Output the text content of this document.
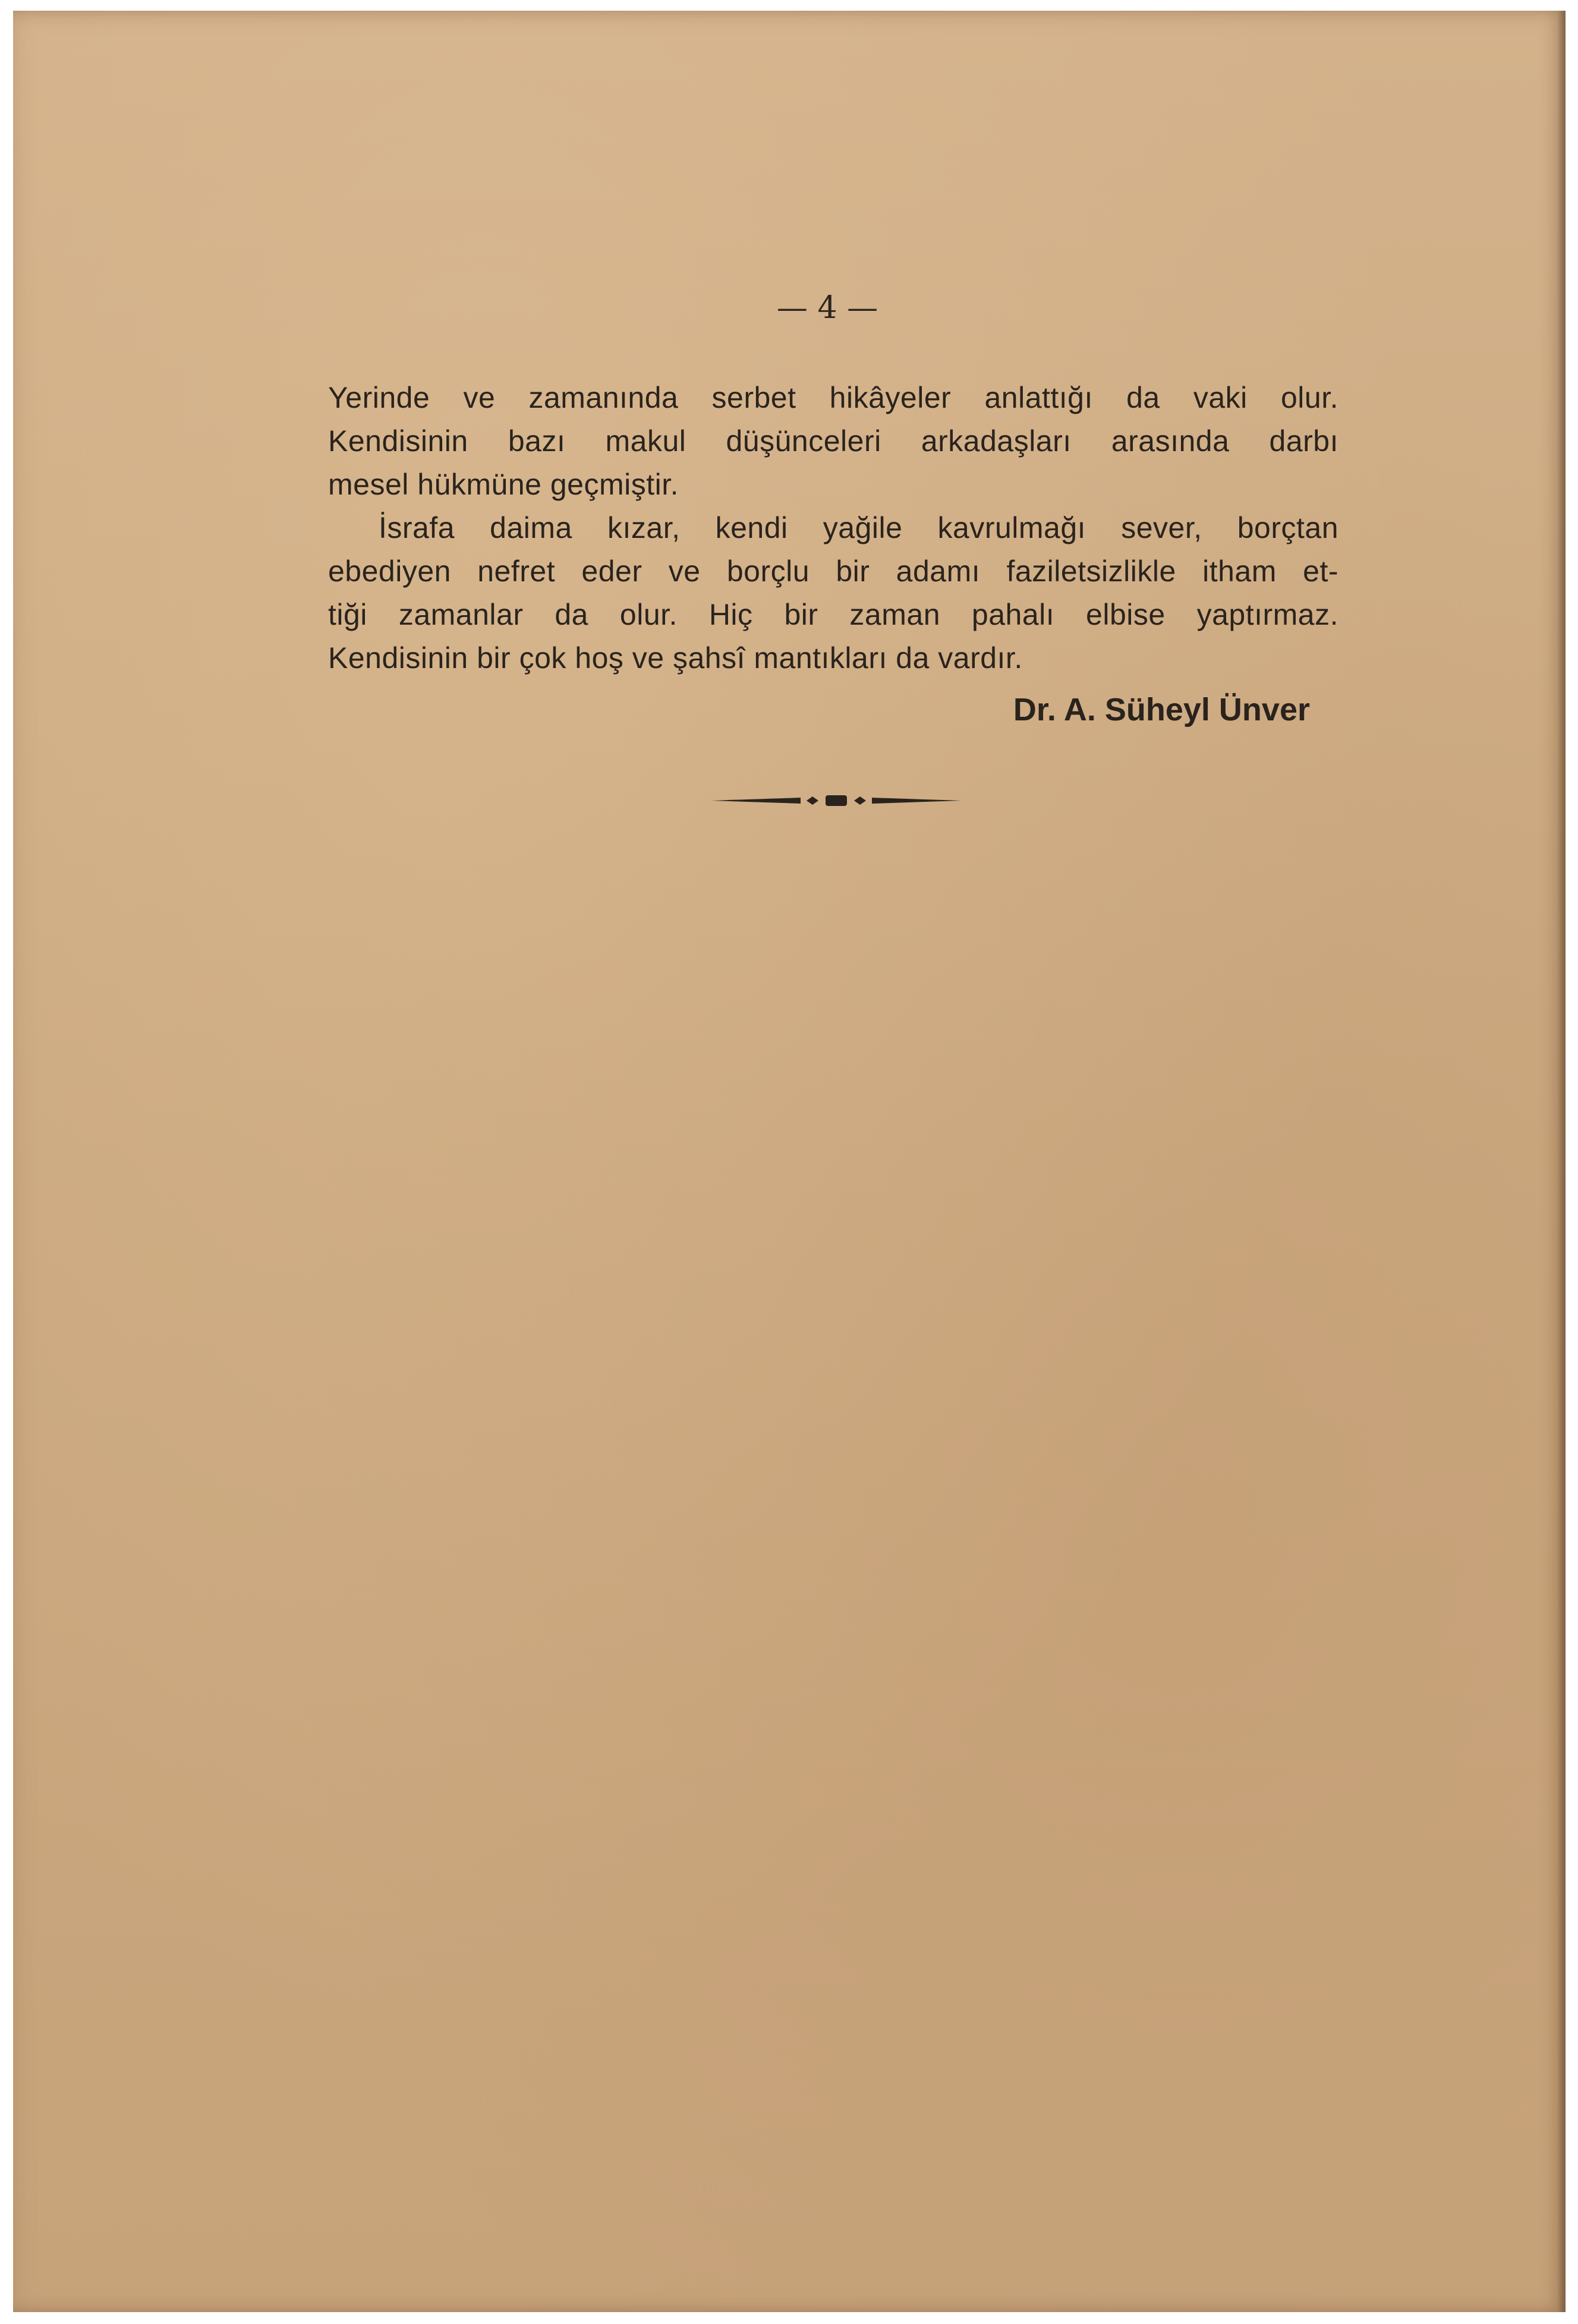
— 4 —
Yerinde ve zamanında serbet hikâyeler anlattığı da vaki olur.
Kendisinin bazı makul düşünceleri arkadaşları arasında darbı
mesel hükmüne geçmiştir.
İsrafa daima kızar, kendi yağile kavrulmağı sever, borçtan
ebediyen nefret eder ve borçlu bir adamı faziletsizlikle itham et-
tiği zamanlar da olur. Hiç bir zaman pahalı elbise yaptırmaz.
Kendisinin bir çok hoş ve şahsî mantıkları da vardır.
Dr. A. Süheyl Ünver
